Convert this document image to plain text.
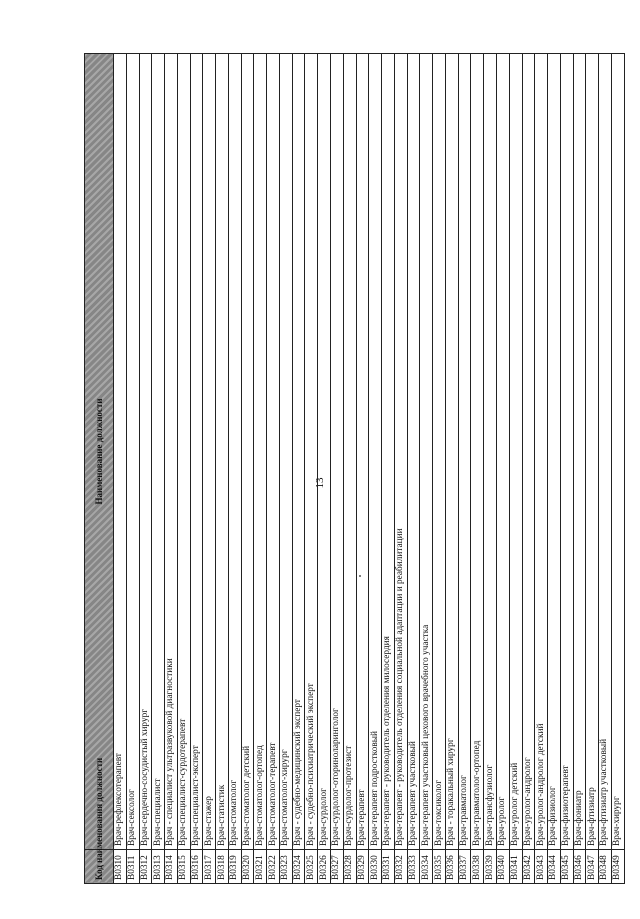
13
	Наименование должности
В0310	Врач-рефлексотерапевт
В0311	Врач-сексолог
В0312	Врач-сердечно-сосудистый хирург
В0313	Врач-специалист
В0314	Врач - специалист ультразвуковой диагностики
В0315	Врач-специалист-сурдотерапевт
В0316	Врач-специалист-эксперт
В0317	Врач-стажер
В0318	Врач-статистик
В0319	Врач-стоматолог
В0320	Врач-стоматолог детский
В0321	Врач-стоматолог-ортопед
В0322	Врач-стоматолог-терапевт
В0323	Врач-стоматолог-хирург
В0324	Врач - судебно-медицинский эксперт
В0325	Врач - судебно-психиатрический эксперт
В0326	Врач-сурдолог
В0327	Врач-сурдолог-оториноларинголог
В0328	Врач-сурдолог-протезист
В0329	Врач-терапевт
В0330	Врач-терапевт подростковый
В0331	Врач-терапевт - руководитель отделения милосердия
В0332	Врач-терапевт - руководитель отделения социальной адаптации и реабилитации
В0333	Врач-терапевт участковый
В0334	Врач-терапевт участковый цехового врачебного участка
В0335	Врач-токсиколог
В0336	Врач - торакальный хирург
В0337	Врач-травматолог
В0338	Врач-травматолог-ортопед
В0339	Врач-трансфузиолог
В0340	Врач-уролог
В0341	Врач-уролог детский
В0342	Врач-уролог-андролог
В0343	Врач-уролог-андролог детский
В0344	Врач-физиолог
В0345	Врач-физиотерапевт
В0346	Врач-фониатр
В0347	Врач-фтизиатр
В0348	Врач-фтизиатр участковый
В0349	Врач-хирург
